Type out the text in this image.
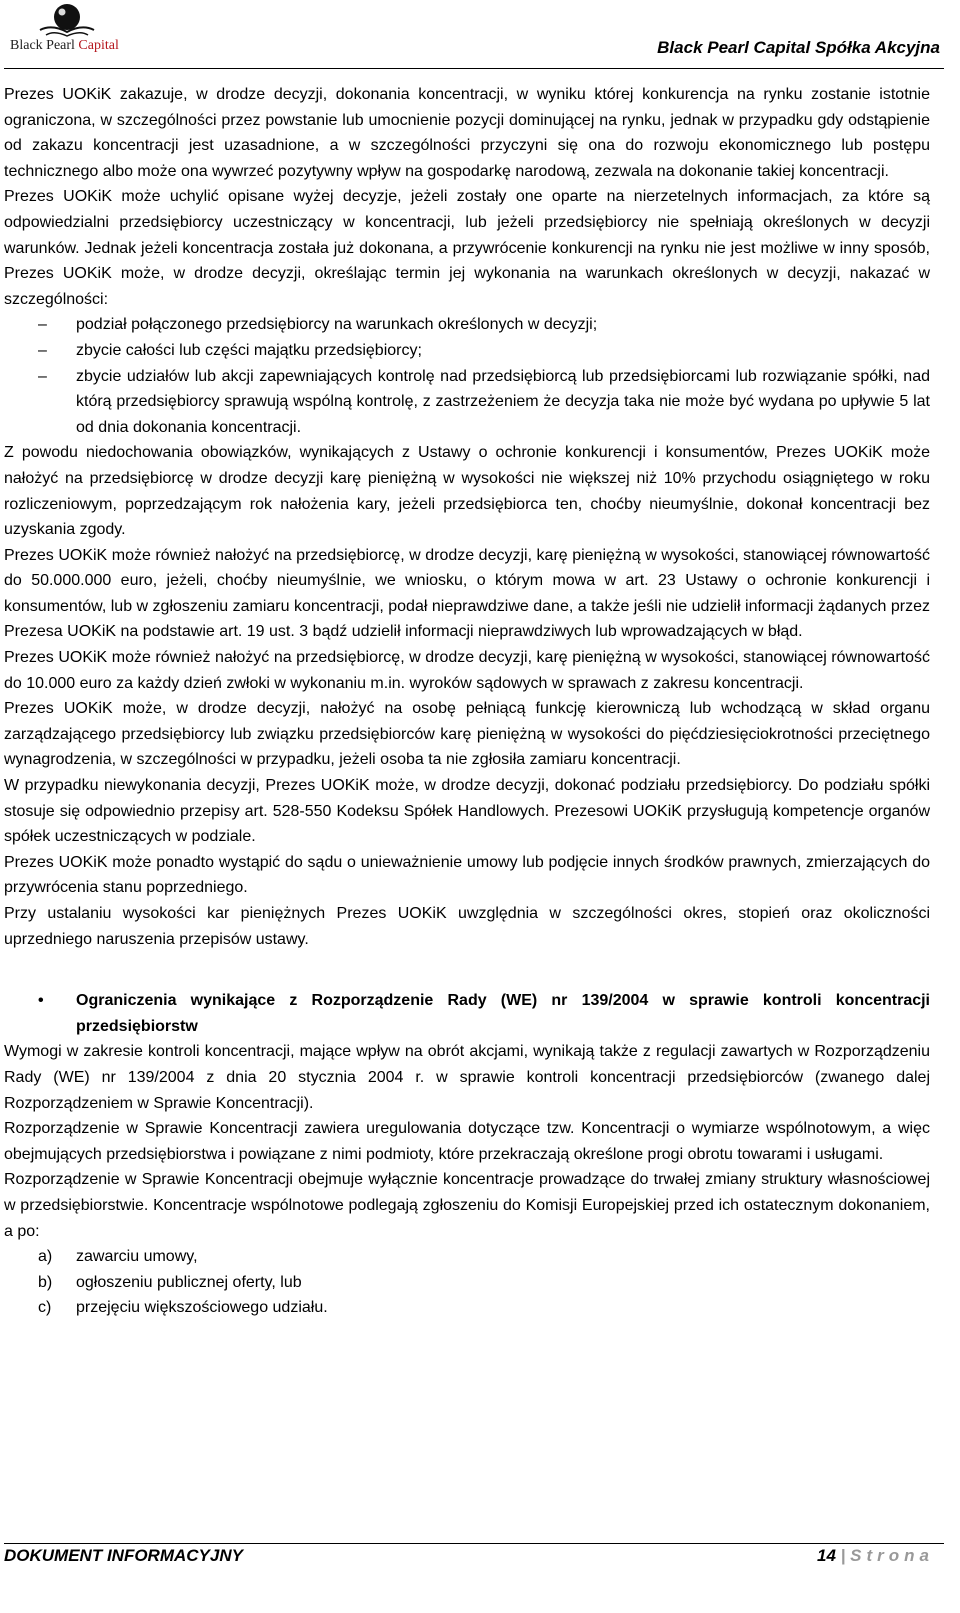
Black Pearl Capital	Black Pearl Capital Spółka Akcyjna

Prezes UOKiK zakazuje, w drodze decyzji, dokonania koncentracji, w wyniku której konkurencja na rynku zostanie istotnie ograniczona, w szczególności przez powstanie lub umocnienie pozycji dominującej na rynku, jednak w przypadku gdy odstąpienie od zakazu koncentracji jest uzasadnione, a w szczególności przyczyni się ona do rozwoju ekonomicznego lub postępu technicznego albo może ona wywrzeć pozytywny wpływ na gospodarkę narodową, zezwala na dokonanie takiej koncentracji.

Prezes UOKiK może uchylić opisane wyżej decyzje, jeżeli zostały one oparte na nierzetelnych informacjach, za które są odpowiedzialni przedsiębiorcy uczestniczący w koncentracji, lub jeżeli przedsiębiorcy nie spełniają określonych w decyzji warunków. Jednak jeżeli koncentracja została już dokonana, a przywrócenie konkurencji na rynku nie jest możliwe w inny sposób, Prezes UOKiK może, w drodze decyzji, określając termin jej wykonania na warunkach określonych w decyzji, nakazać w szczególności:

– podział połączonego przedsiębiorcy na warunkach określonych w decyzji;
– zbycie całości lub części majątku przedsiębiorcy;
– zbycie udziałów lub akcji zapewniających kontrolę nad przedsiębiorcą lub przedsiębiorcami lub rozwiązanie spółki, nad którą przedsiębiorcy sprawują wspólną kontrolę, z zastrzeżeniem że decyzja taka nie może być wydana po upływie 5 lat od dnia dokonania koncentracji.

Z powodu niedochowania obowiązków, wynikających z Ustawy o ochronie konkurencji i konsumentów, Prezes UOKiK może nałożyć na przedsiębiorcę w drodze decyzji karę pieniężną w wysokości nie większej niż 10% przychodu osiągniętego w roku rozliczeniowym, poprzedzającym rok nałożenia kary, jeżeli przedsiębiorca ten, choćby nieumyślnie, dokonał koncentracji bez uzyskania zgody.

Prezes UOKiK może również nałożyć na przedsiębiorcę, w drodze decyzji, karę pieniężną w wysokości, stanowiącej równowartość do 50.000.000 euro, jeżeli, choćby nieumyślnie, we wniosku, o którym mowa w art. 23 Ustawy o ochronie konkurencji i konsumentów, lub w zgłoszeniu zamiaru koncentracji, podał nieprawdziwe dane, a także jeśli nie udzielił informacji żądanych przez Prezesa UOKiK na podstawie art. 19 ust. 3 bądź udzielił informacji nieprawdziwych lub wprowadzających w błąd.

Prezes UOKiK może również nałożyć na przedsiębiorcę, w drodze decyzji, karę pieniężną w wysokości, stanowiącej równowartość do 10.000 euro za każdy dzień zwłoki w wykonaniu m.in. wyroków sądowych w sprawach z zakresu koncentracji.

Prezes UOKiK może, w drodze decyzji, nałożyć na osobę pełniącą funkcję kierowniczą lub wchodzącą w skład organu zarządzającego przedsiębiorcy lub związku przedsiębiorców karę pieniężną w wysokości do pięćdziesięciokrotności przeciętnego wynagrodzenia, w szczególności w przypadku, jeżeli osoba ta nie zgłosiła zamiaru koncentracji.

W przypadku niewykonania decyzji, Prezes UOKiK może, w drodze decyzji, dokonać podziału przedsiębiorcy. Do podziału spółki stosuje się odpowiednio przepisy art. 528-550 Kodeksu Spółek Handlowych. Prezesowi UOKiK przysługują kompetencje organów spółek uczestniczących w podziale.

Prezes UOKiK może ponadto wystąpić do sądu o unieważnienie umowy lub podjęcie innych środków prawnych, zmierzających do przywrócenia stanu poprzedniego.

Przy ustalaniu wysokości kar pieniężnych Prezes UOKiK uwzględnia w szczególności okres, stopień oraz okoliczności uprzedniego naruszenia przepisów ustawy.

• Ograniczenia wynikające z Rozporządzenie Rady (WE) nr 139/2004 w sprawie kontroli koncentracji przedsiębiorstw

Wymogi w zakresie kontroli koncentracji, mające wpływ na obrót akcjami, wynikają także z regulacji zawartych w Rozporządzeniu Rady (WE) nr 139/2004 z dnia 20 stycznia 2004 r. w sprawie kontroli koncentracji przedsiębiorców (zwanego dalej Rozporządzeniem w Sprawie Koncentracji).

Rozporządzenie w Sprawie Koncentracji zawiera uregulowania dotyczące tzw. Koncentracji o wymiarze wspólnotowym, a więc obejmujących przedsiębiorstwa i powiązane z nimi podmioty, które przekraczają określone progi obrotu towarami i usługami.

Rozporządzenie w Sprawie Koncentracji obejmuje wyłącznie koncentracje prowadzące do trwałej zmiany struktury własnościowej w przedsiębiorstwie. Koncentracje wspólnotowe podlegają zgłoszeniu do Komisji Europejskiej przed ich ostatecznym dokonaniem, a po:

a) zawarciu umowy,
b) ogłoszeniu publicznej oferty, lub
c) przejęciu większościowego udziału.
DOKUMENT INFORMACYJNY	14 | Strona
